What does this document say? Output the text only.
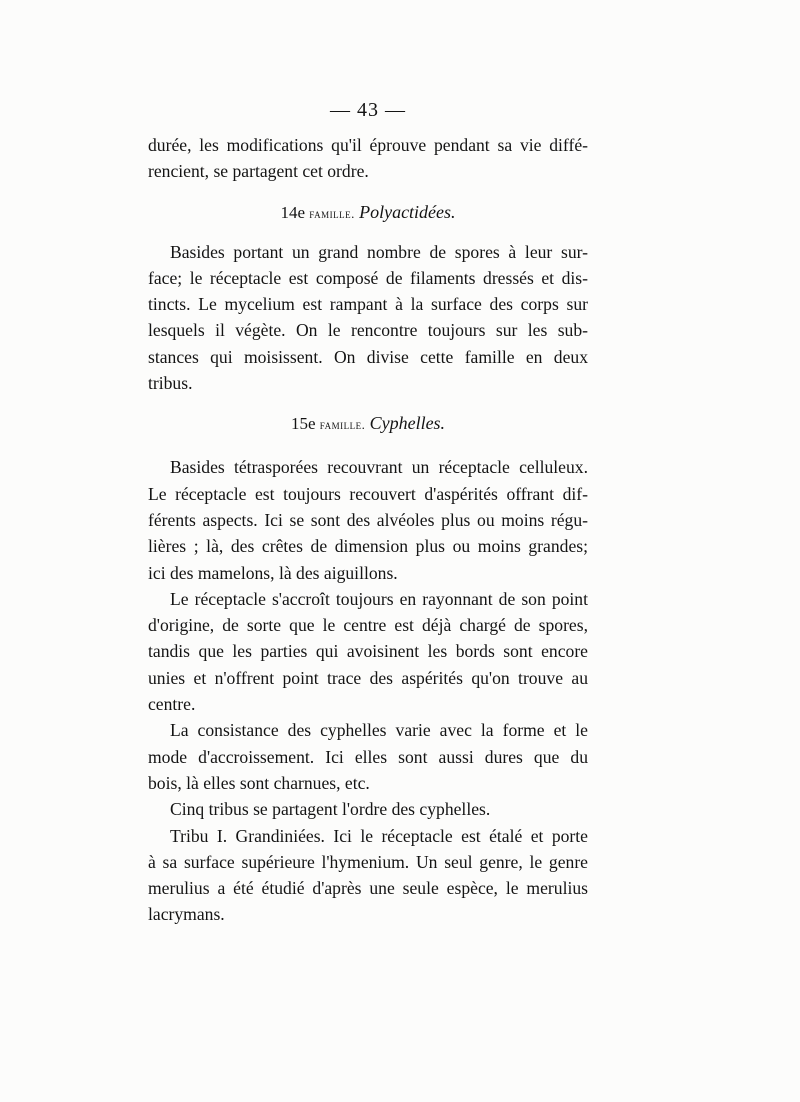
— 43 —
durée, les modifications qu'il éprouve pendant sa vie diffé-
rencient, se partagent cet ordre.
14e famille. Polyactidées.
Basides portant un grand nombre de spores à leur sur-
face; le réceptacle est composé de filaments dressés et dis-
tincts. Le mycelium est rampant à la surface des corps sur
lesquels il végète. On le rencontre toujours sur les sub-
stances qui moisissent. On divise cette famille en deux
tribus.
15e famille. Cyphelles.
Basides tétrasporées recouvrant un réceptacle celluleux.
Le réceptacle est toujours recouvert d'aspérités offrant dif-
férents aspects. Ici se sont des alvéoles plus ou moins régu-
lières ; là, des crêtes de dimension plus ou moins grandes;
ici des mamelons, là des aiguillons.
Le réceptacle s'accroît toujours en rayonnant de son point
d'origine, de sorte que le centre est déjà chargé de spores,
tandis que les parties qui avoisinent les bords sont encore
unies et n'offrent point trace des aspérités qu'on trouve au
centre.
La consistance des cyphelles varie avec la forme et le
mode d'accroissement. Ici elles sont aussi dures que du
bois, là elles sont charnues, etc.
Cinq tribus se partagent l'ordre des cyphelles.
Tribu I. Grandiniées. Ici le réceptacle est étalé et porte
à sa surface supérieure l'hymenium. Un seul genre, le genre
merulius a été étudié d'après une seule espèce, le merulius
lacrymans.
